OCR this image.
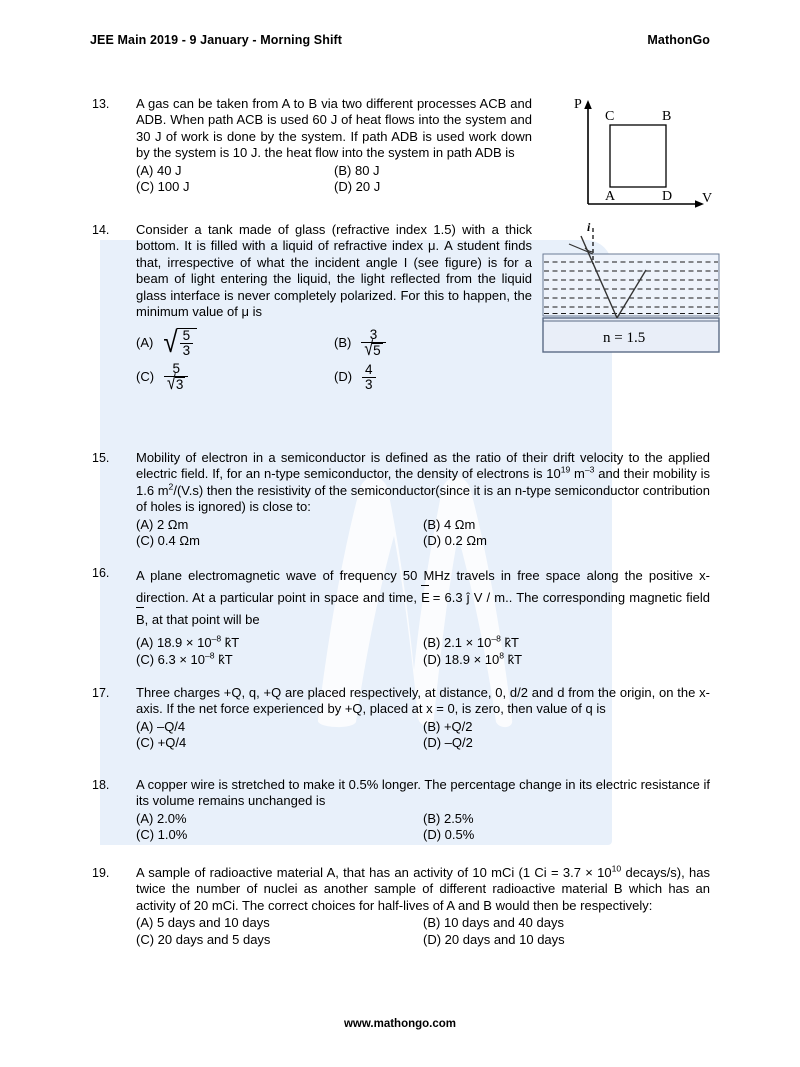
JEE Main 2019 - 9 January - Morning Shift	MathonGo
13.	A gas can be taken from A to B via two different processes ACB and ADB. When path ACB is used 60 J of heat flows into the system and 30 J of work is done by the system. If path ADB is used work down by the system is 10 J. the heat flow into the system in path ADB is
(A) 40 J	(B) 80 J
(C) 100 J	(D) 20 J
P
V
C	B
A	D
14.	Consider a tank made of glass (refractive index 1.5) with a thick bottom. It is filled with a liquid of refractive index μ. A student finds that, irrespective of what the incident angle I (see figure) is for a beam of light entering the liquid, the light reflected from the liquid glass interface is never completely polarized. For this to happen, the minimum value of μ is
(A) √ $\frac{5}{3}$	$(B) \frac{3}{√ 5}$
$(C) \frac{5}{√ 3}$	$(D) \frac{4}{3}$
i
n = 1.5
15.	Mobility of electron in a semiconductor is defined as the ratio of their drift velocity to the applied electric field. If, for an n-type semiconductor, the density of electrons is $10^{19}$ $m^{-3}$ and their mobility is 1.6 $m^2/(V.s)$ then the resistivity of the semiconductor(since it is an n-type semiconductor contribution of holes is ignored) is close to:
(A) 2 Ωm	(B) 4 Ωm
(C) 0.4 Ωm	(D) 0.2 Ωm
16.	A plane electromagnetic wave of frequency 50 MHz travels in free space along the positive x-direction. At a particular point in space and time,
E = 6.3 ĵ V / m.. The corresponding magnetic field
B, at that point will be
(A) $18.9 \times 10^{-8}$ k̂T	(B) $2.1 \times 10^{-8}$ k̂T
(C) $6.3 \times 10^{-8}$ k̂T	(D) $18.9 \times 10^8$ k̂T
17.	Three charges +Q, q, +Q are placed respectively, at distance, 0, d/2 and d from the origin, on the x-axis. If the net force experienced by +Q, placed at x = 0, is zero, then value of q is
(A) –Q/4	(B) +Q/2
(C) +Q/4	(D) –Q/2
18.	A copper wire is stretched to make it 0.5% longer. The percentage change in its electric resistance if its volume remains unchanged is
(A) 2.0%	(B) 2.5%
(C) 1.0%	(D) 0.5%
19.	A sample of radioactive material A, that has an activity of 10 mCi (1 $Ci = 3.7 \times 10^{10}$ decays/s), has twice the number of nuclei as another sample of different radioactive material B which has an activity of 20 mCi. The correct choices for half-lives of A and B would then be respectively:
(A) 5 days and 10 days	(B) 10 days and 40 days
(C) 20 days and 5 days	(D) 20 days and 10 days
www.mathongo.com
